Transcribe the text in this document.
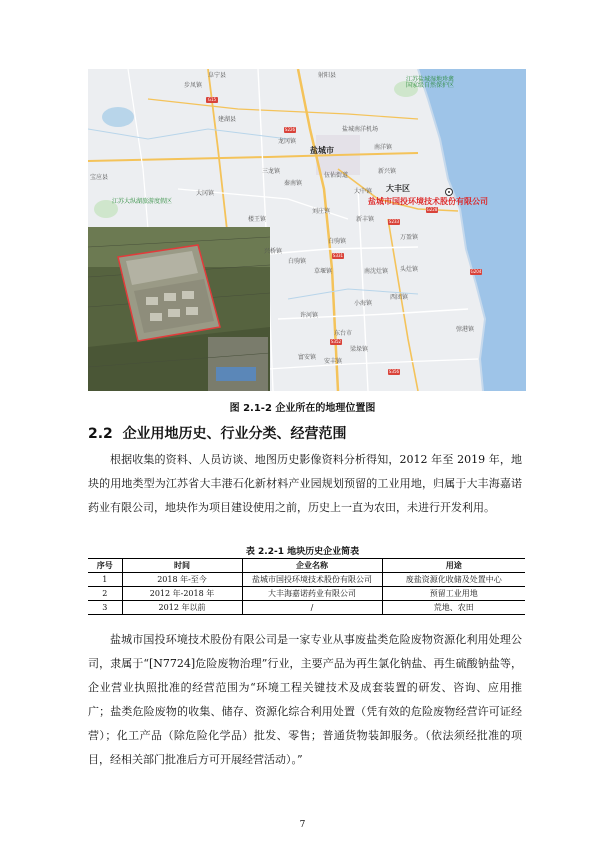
步凤镇
盐城市
大丰区
建湖县
宝应县
阜宁县	射阳县
盐城南洋机场
江苏盐城湿地珍禽国家级自然保护区
江苏大纵湖旅游度假区
大冈镇
新丰镇
白驹镇
刘庄镇
万盈镇
草堰镇
小海镇
西团镇
东台市
南沈灶镇
三龙镇
大中镇
龙冈镇
秦南镇
楼王镇
伍佑街道
新兴镇
南洋镇
兴桥镇
白驹镇
头灶镇
许河镇
富安镇
安丰镇
梁垛镇
弶港镇
G15
S226
G228
S331
S233
G204
S352
S356
盐城市国投环境技术股份有限公司
图 2.1-2 企业所在的地理位置图
2.2 企业用地历史、行业分类、经营范围

根据收集的资料、人员访谈、地图历史影像资料分析得知，2012 年至 2019 年，地块的用地类型为江苏省大丰港石化新材料产业园规划预留的工业用地，归属于大丰海嘉诺药业有限公司，地块作为项目建设使用之前，历史上一直为农田，未进行开发利用。

表 2.2-1 地块历史企业简表
序号	时间	企业名称	用途
1	2018 年-至今	盐城市国投环境技术股份有限公司	废盐资源化收储及处置中心
2	2012 年-2018 年	大丰海嘉诺药业有限公司	预留工业用地
3	2012 年以前	/	荒地、农田

盐城市国投环境技术股份有限公司是一家专业从事废盐类危险废物资源化利用处理公司，隶属于“[N7724]危险废物治理”行业，主要产品为再生氯化钠盐、再生硫酸钠盐等，企业营业执照批准的经营范围为“环境工程关键技术及成套装置的研发、咨询、应用推广；盐类危险废物的收集、储存、资源化综合利用处置（凭有效的危险废物经营许可证经营）；化工产品（除危险化学品）批发、零售；普通货物装卸服务。（依法须经批准的项目，经相关部门批准后方可开展经营活动）。”

7
